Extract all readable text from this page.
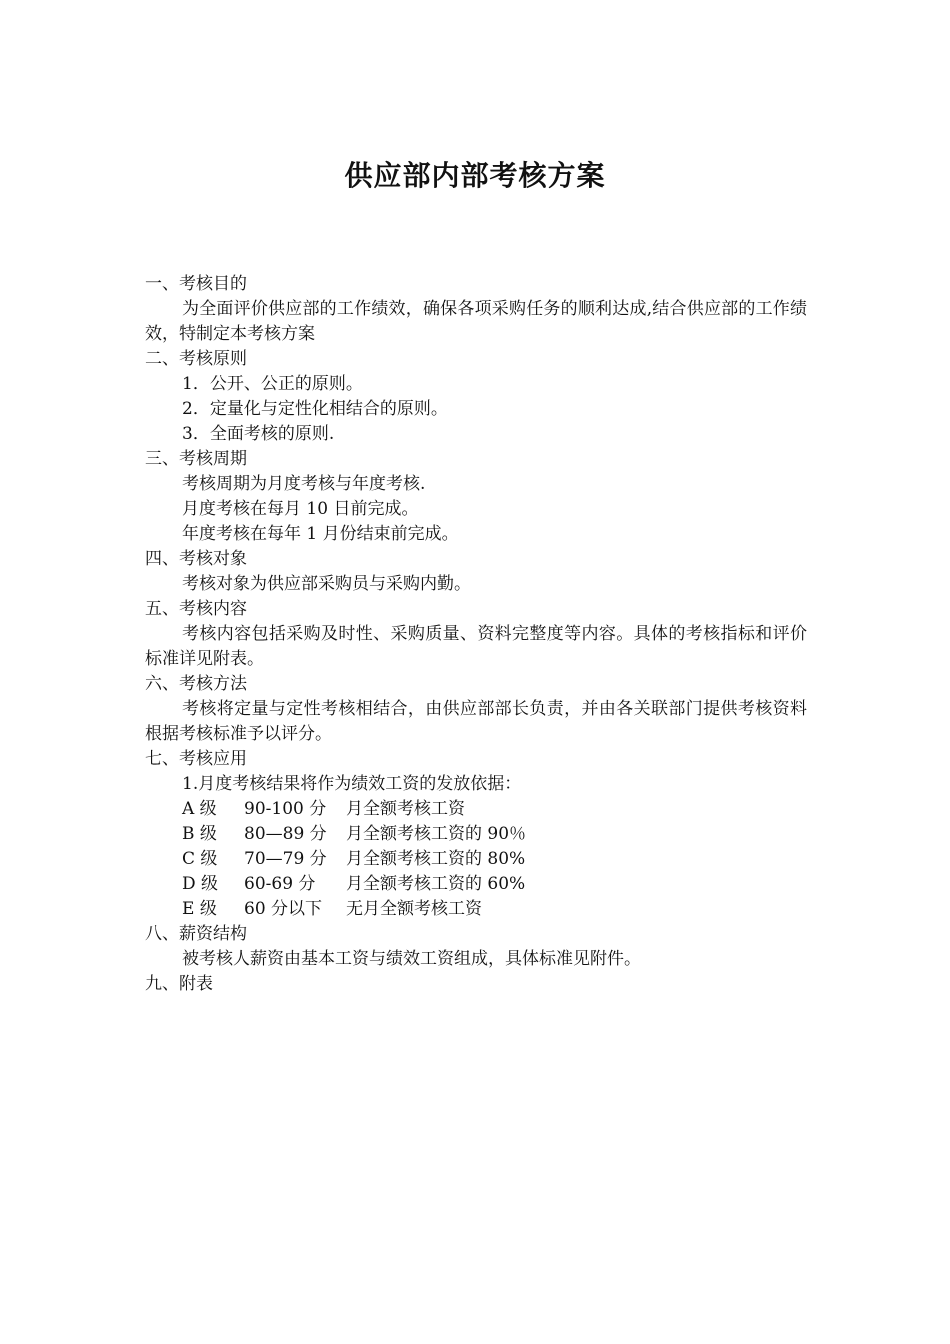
供应部内部考核方案
一、考核目的
为全面评价供应部的工作绩效，确保各项采购任务的顺利达成,结合供应部的工作绩效，特制定本考核方案
二、考核原则
1．公开、公正的原则。
2．定量化与定性化相结合的原则。
3．全面考核的原则.
三、考核周期
考核周期为月度考核与年度考核.
月度考核在每月 10 日前完成。
年度考核在每年 1 月份结束前完成。
四、考核对象
考核对象为供应部采购员与采购内勤。
五、考核内容
考核内容包括采购及时性、采购质量、资料完整度等内容。具体的考核指标和评价标准详见附表。
六、考核方法
考核将定量与定性考核相结合，由供应部部长负责，并由各关联部门提供考核资料根据考核标准予以评分。
七、考核应用
1.月度考核结果将作为绩效工资的发放依据：
A 级	90-100 分	月全额考核工资
B 级	80—89 分	月全额考核工资的 90％
C 级	70—79 分	月全额考核工资的 80%
D 级	60-69 分	月全额考核工资的 60%
E 级	60 分以下	无月全额考核工资
八、薪资结构
被考核人薪资由基本工资与绩效工资组成，具体标准见附件。
九、附表
